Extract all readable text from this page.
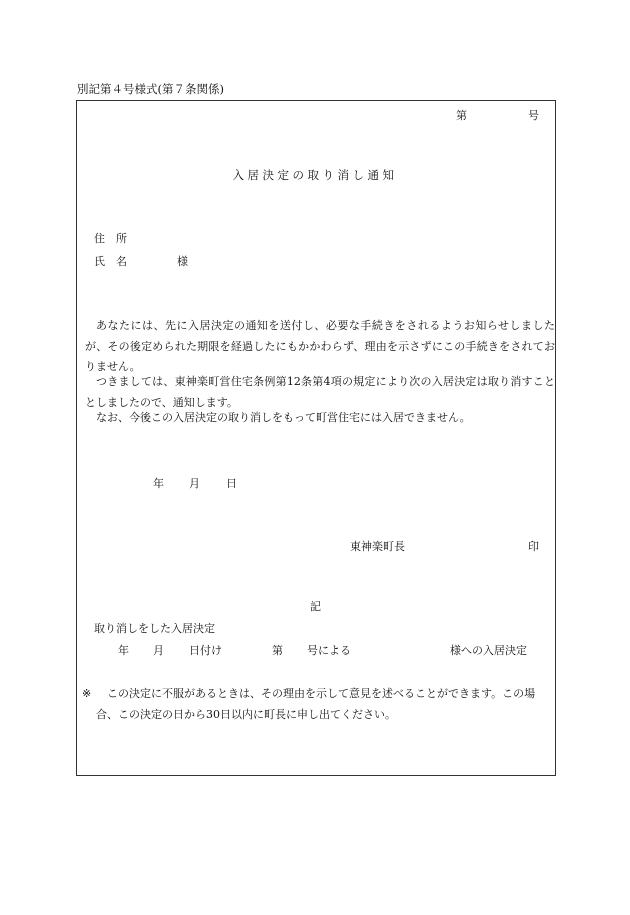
別記第４号様式(第７条関係)
第	号
入居決定の取り消し通知
住　所
氏　名	様
あなたには、先に入居決定の通知を送付し、必要な手続きをされるようお知らせしましたが、その後定められた期限を経過したにもかかわらず、理由を示さずにこの手続きをされておりません。
つきましては、東神楽町営住宅条例第12条第4項の規定により次の入居決定は取り消すこととしましたので、通知します。
なお、今後この入居決定の取り消しをもって町営住宅には入居できません。
年 月 日
東神楽町長	印
記
取り消しをした入居決定
年 月 日付け	第 号による	様への入居決定
※	この決定に不服があるときは、その理由を示して意見を述べることができます。この場合、この決定の日から30日以内に町長に申し出てください。
